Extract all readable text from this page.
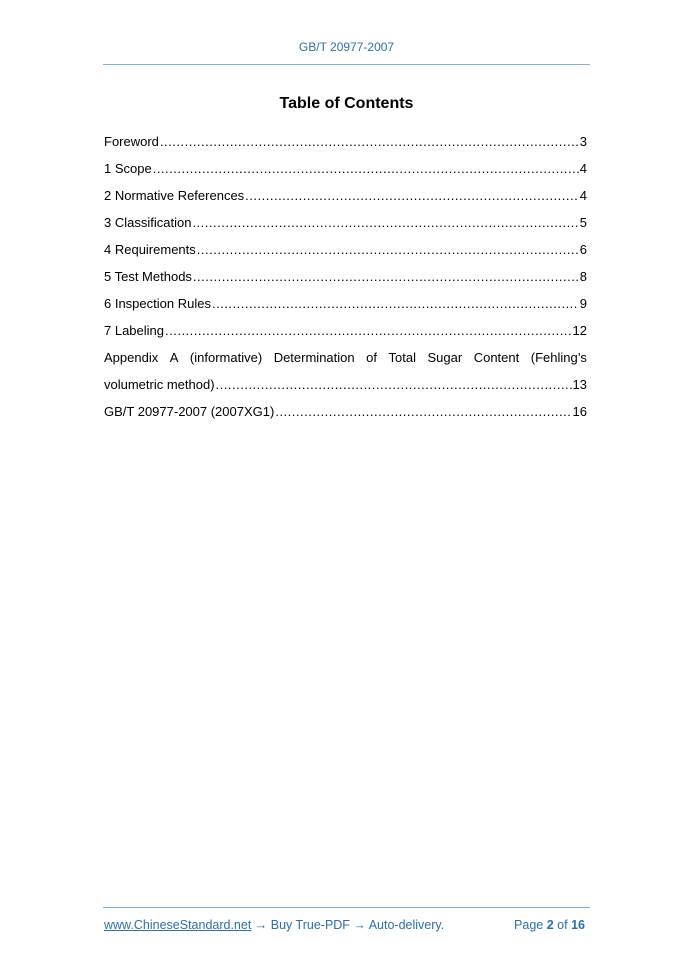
GB/T 20977-2007
Table of Contents
Foreword .....	3
1 Scope .....	4
2 Normative References .....	4
3 Classification .....	5
4 Requirements .....	6
5 Test Methods .....	8
6 Inspection Rules .....	9
7 Labeling .....	12
Appendix A (informative) Determination of Total Sugar Content (Fehling’s
volumetric method) .....	13
GB/T 20977-2007 (2007XG1) .....	16
www.ChineseStandard.net → Buy True-PDF → Auto-delivery.	Page 2 of 16
